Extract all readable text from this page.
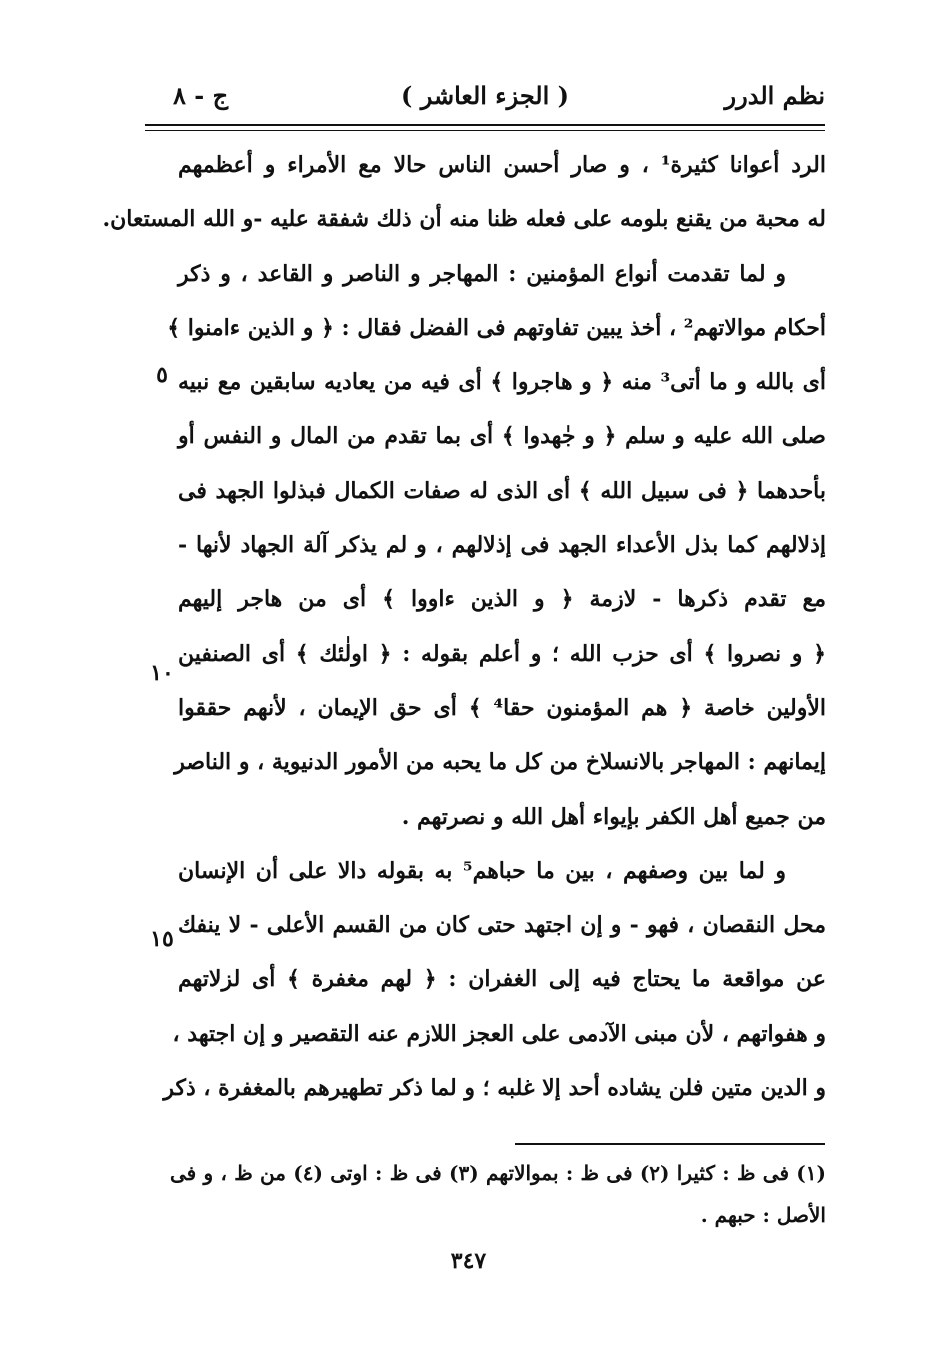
نظم الدرر
( الجزء العاشر )
ج - ٨
الرد أعوانا كثيرة¹ ، و صار أحسن الناس حالا مع الأمراء و أعظمهم
له محبة من يقنع بلومه على فعله ظنا منه أن ذلك شفقة عليه -و الله المستعان.
و لما تقدمت أنواع المؤمنين : المهاجر و الناصر و القاعد ، و ذكر
أحكام موالاتهم² ، أخذ يبين تفاوتهم فى الفضل فقال : ﴿ و الذين ءامنوا ﴾
أى بالله و ما أتى³ منه ﴿ و هاجروا ﴾ أى فيه من يعاديه سابقين مع نبيه
صلى الله عليه و سلم ﴿ و جٰهدوا ﴾ أى بما تقدم من المال و النفس أو
بأحدهما ﴿ فى سبيل الله ﴾ أى الذى له صفات الكمال فبذلوا الجهد فى
إذلالهم كما بذل الأعداء الجهد فى إذلالهم ، و لم يذكر آلة الجهاد لأنها -
مع تقدم ذكرها - لازمة ﴿ و الذين ءاووا ﴾ أى من هاجر إليهم
﴿ و نصروا ﴾ أى حزب الله ؛ و أعلم بقوله : ﴿ اولٰئك ﴾ أى الصنفين
الأولين خاصة ﴿ هم المؤمنون حقا⁴ ﴾ أى حق الإيمان ، لأنهم حققوا
إيمانهم : المهاجر بالانسلاخ من كل ما يحبه من الأمور الدنيوية ، و الناصر
من جميع أهل الكفر بإيواء أهل الله و نصرتهم .
و لما بين وصفهم ، بين ما حباهم⁵ به بقوله دالا على أن الإنسان
محل النقصان ، فهو - و إن اجتهد حتى كان من القسم الأعلى - لا ينفك
عن مواقعة ما يحتاج فيه إلى الغفران : ﴿ لهم مغفرة ﴾ أى لزلاتهم
و هفواتهم ، لأن مبنى الآدمى على العجز اللازم عنه التقصير و إن اجتهد ،
و الدين متين فلن يشاده أحد إلا غلبه ؛ و لما ذكر تطهيرهم بالمغفرة ، ذكر
٥
١٠
١٥
(١) فى ظ : كثيرا (٢) فى ظ : بموالاتهم (٣) فى ظ : اوتى (٤) من ظ ، و فى
الأصل : حبهم .
٣٤٧
